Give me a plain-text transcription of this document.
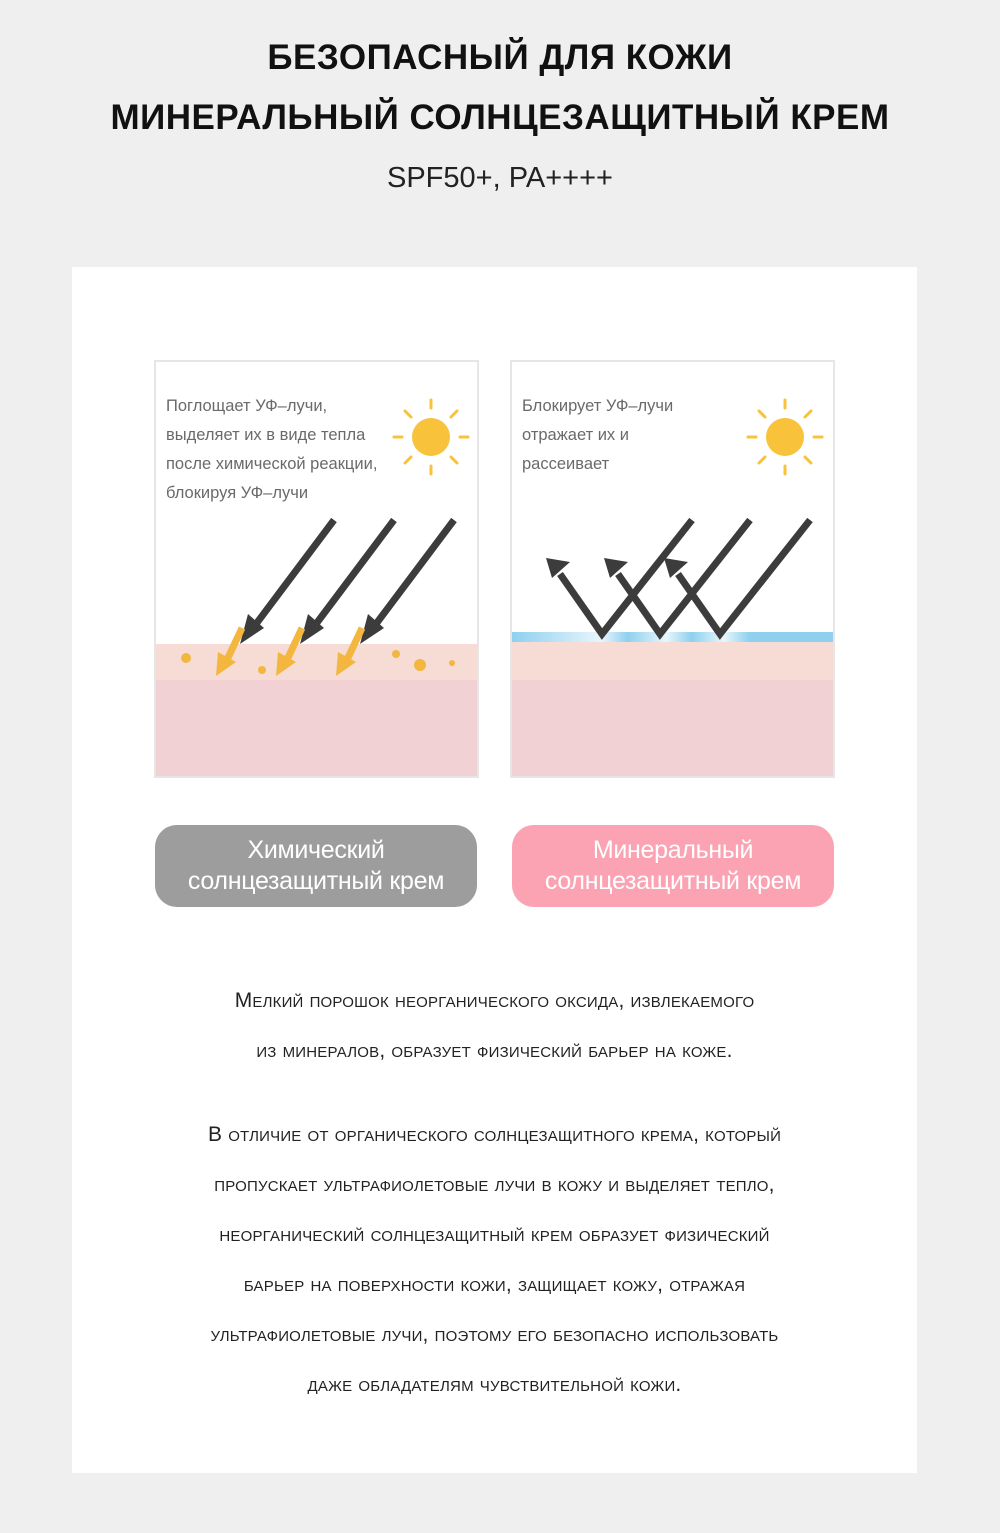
БЕЗОПАСНЫЙ ДЛЯ КОЖИ
МИНЕРАЛЬНЫЙ СОЛНЦЕЗАЩИТНЫЙ КРЕМ
SPF50+, PA++++
Поглощает УФ–лучи,
выделяет их в виде тепла
после химической реакции,
блокируя УФ–лучи
Блокирует УФ–лучи
отражает их и
рассеивает
Химический
солнцезащитный крем
Минеральный
солнцезащитный крем
Мелкий порошок неорганического оксида, извлекаемого
из минералов, образует физический барьер на коже.
В отличие от органического солнцезащитного крема, который
пропускает ультрафиолетовые лучи в кожу и выделяет тепло,
неорганический солнцезащитный крем образует физический
барьер на поверхности кожи, защищает кожу, отражая
ультрафиолетовые лучи, поэтому его безопасно использовать
даже обладателям чувствительной кожи.
